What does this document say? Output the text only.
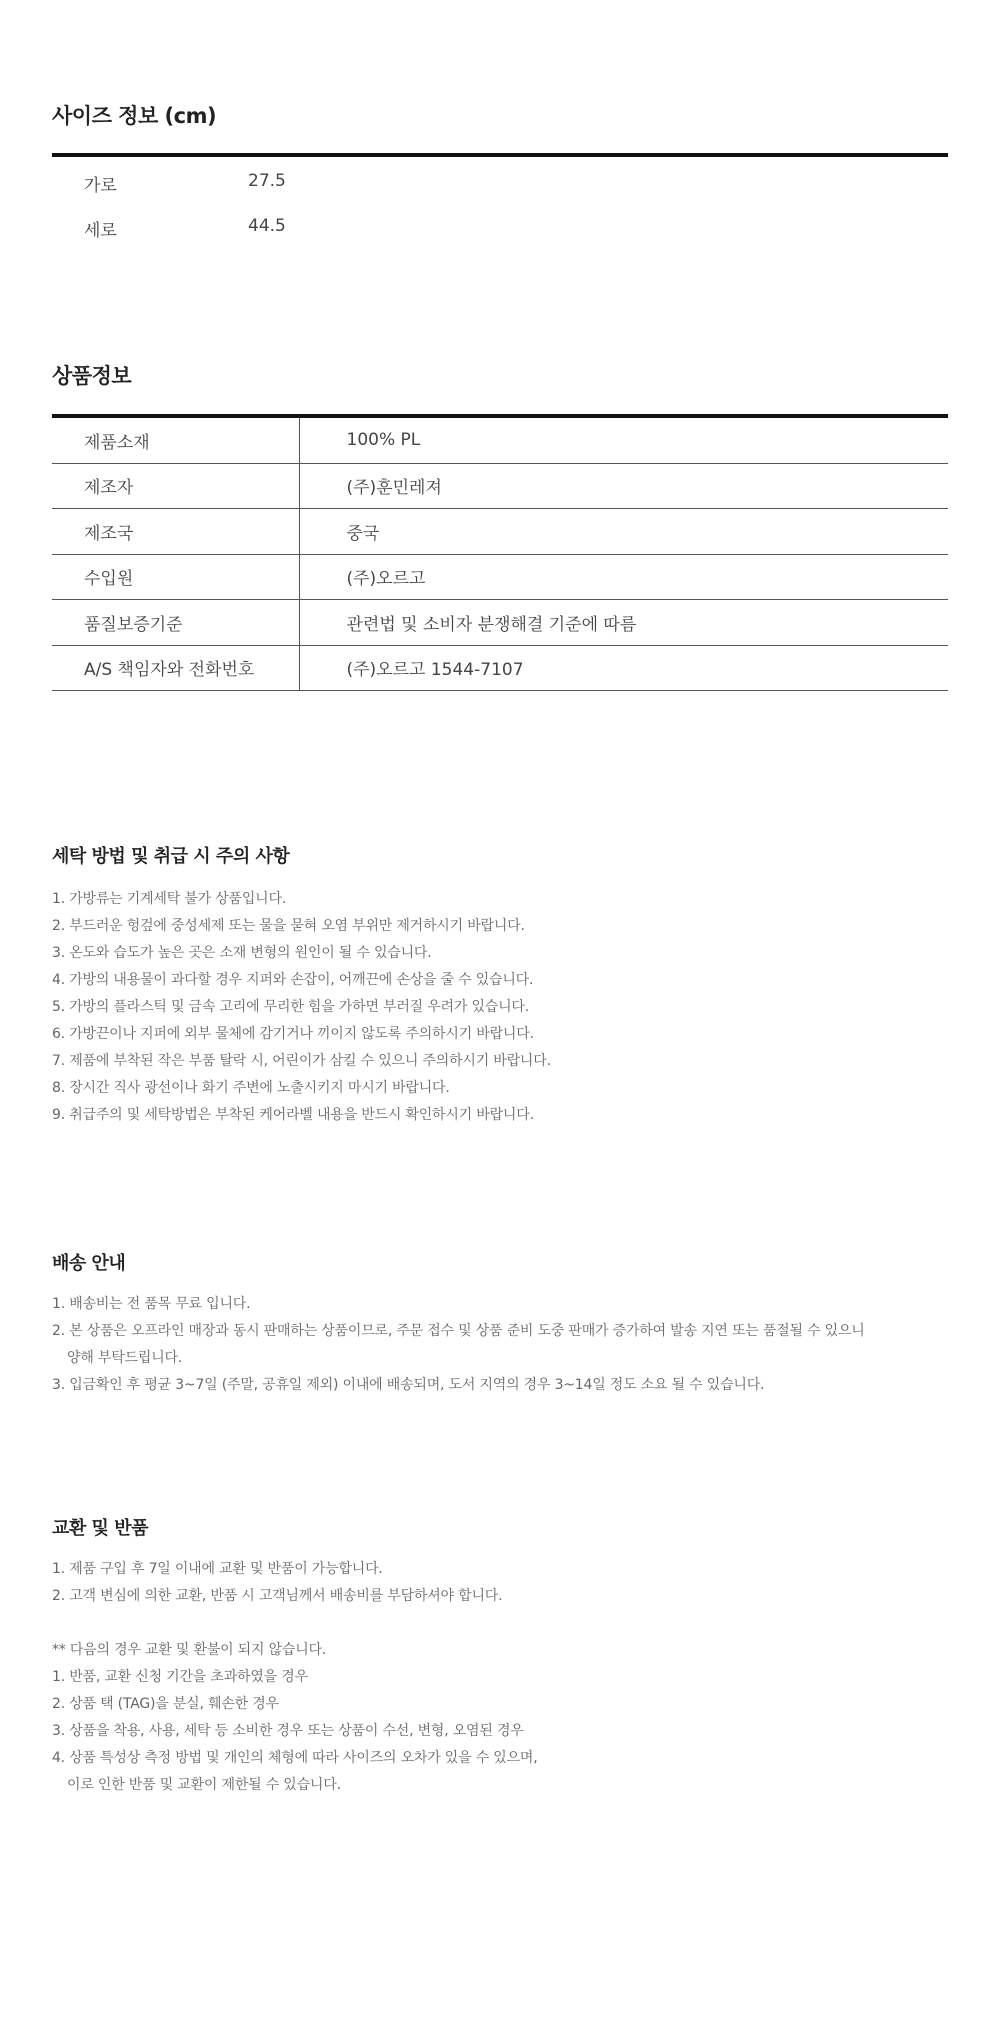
사이즈 정보 (cm)
가로	27.5
세로	44.5
상품정보
제품소재	100% PL
제조자	(주)훈민레져
제조국	중국
수입원	(주)오르고
품질보증기준	관련법 및 소비자 분쟁해결 기준에 따름
A/S 책임자와 전화번호	(주)오르고 1544-7107
세탁 방법 및 취급 시 주의 사항
1. 가방류는 기계세탁 불가 상품입니다.
2. 부드러운 헝겊에 중성세제 또는 물을 묻혀 오염 부위만 제거하시기 바랍니다.
3. 온도와 습도가 높은 곳은 소재 변형의 원인이 될 수 있습니다.
4. 가방의 내용물이 과다할 경우 지퍼와 손잡이, 어깨끈에 손상을 줄 수 있습니다.
5. 가방의 플라스틱 및 금속 고리에 무리한 힘을 가하면 부러질 우려가 있습니다.
6. 가방끈이나 지퍼에 외부 물체에 감기거나 끼이지 않도록 주의하시기 바랍니다.
7. 제품에 부착된 작은 부품 탈락 시, 어린이가 삼킬 수 있으니 주의하시기 바랍니다.
8. 장시간 직사 광선이나 화기 주변에 노출시키지 마시기 바랍니다.
9. 취급주의 및 세탁방법은 부착된 케어라벨 내용을 반드시 확인하시기 바랍니다.
배송 안내
1. 배송비는 전 품목 무료 입니다.
2. 본 상품은 오프라인 매장과 동시 판매하는 상품이므로, 주문 접수 및 상품 준비 도중 판매가 증가하여 발송 지연 또는 품절될 수 있으니
양해 부탁드립니다.
3. 입금확인 후 평균 3~7일 (주말, 공휴일 제외) 이내에 배송되며, 도서 지역의 경우 3~14일 정도 소요 될 수 있습니다.
교환 및 반품
1. 제품 구입 후 7일 이내에 교환 및 반품이 가능합니다.
2. 고객 변심에 의한 교환, 반품 시 고객님께서 배송비를 부담하셔야 합니다.
** 다음의 경우 교환 및 환불이 되지 않습니다.
1. 반품, 교환 신청 기간을 초과하였을 경우
2. 상품 택 (TAG)을 분실, 훼손한 경우
3. 상품을 착용, 사용, 세탁 등 소비한 경우 또는 상품이 수선, 변형, 오염된 경우
4. 상품 특성상 측정 방법 및 개인의 체형에 따라 사이즈의 오차가 있을 수 있으며,
이로 인한 반품 및 교환이 제한될 수 있습니다.
